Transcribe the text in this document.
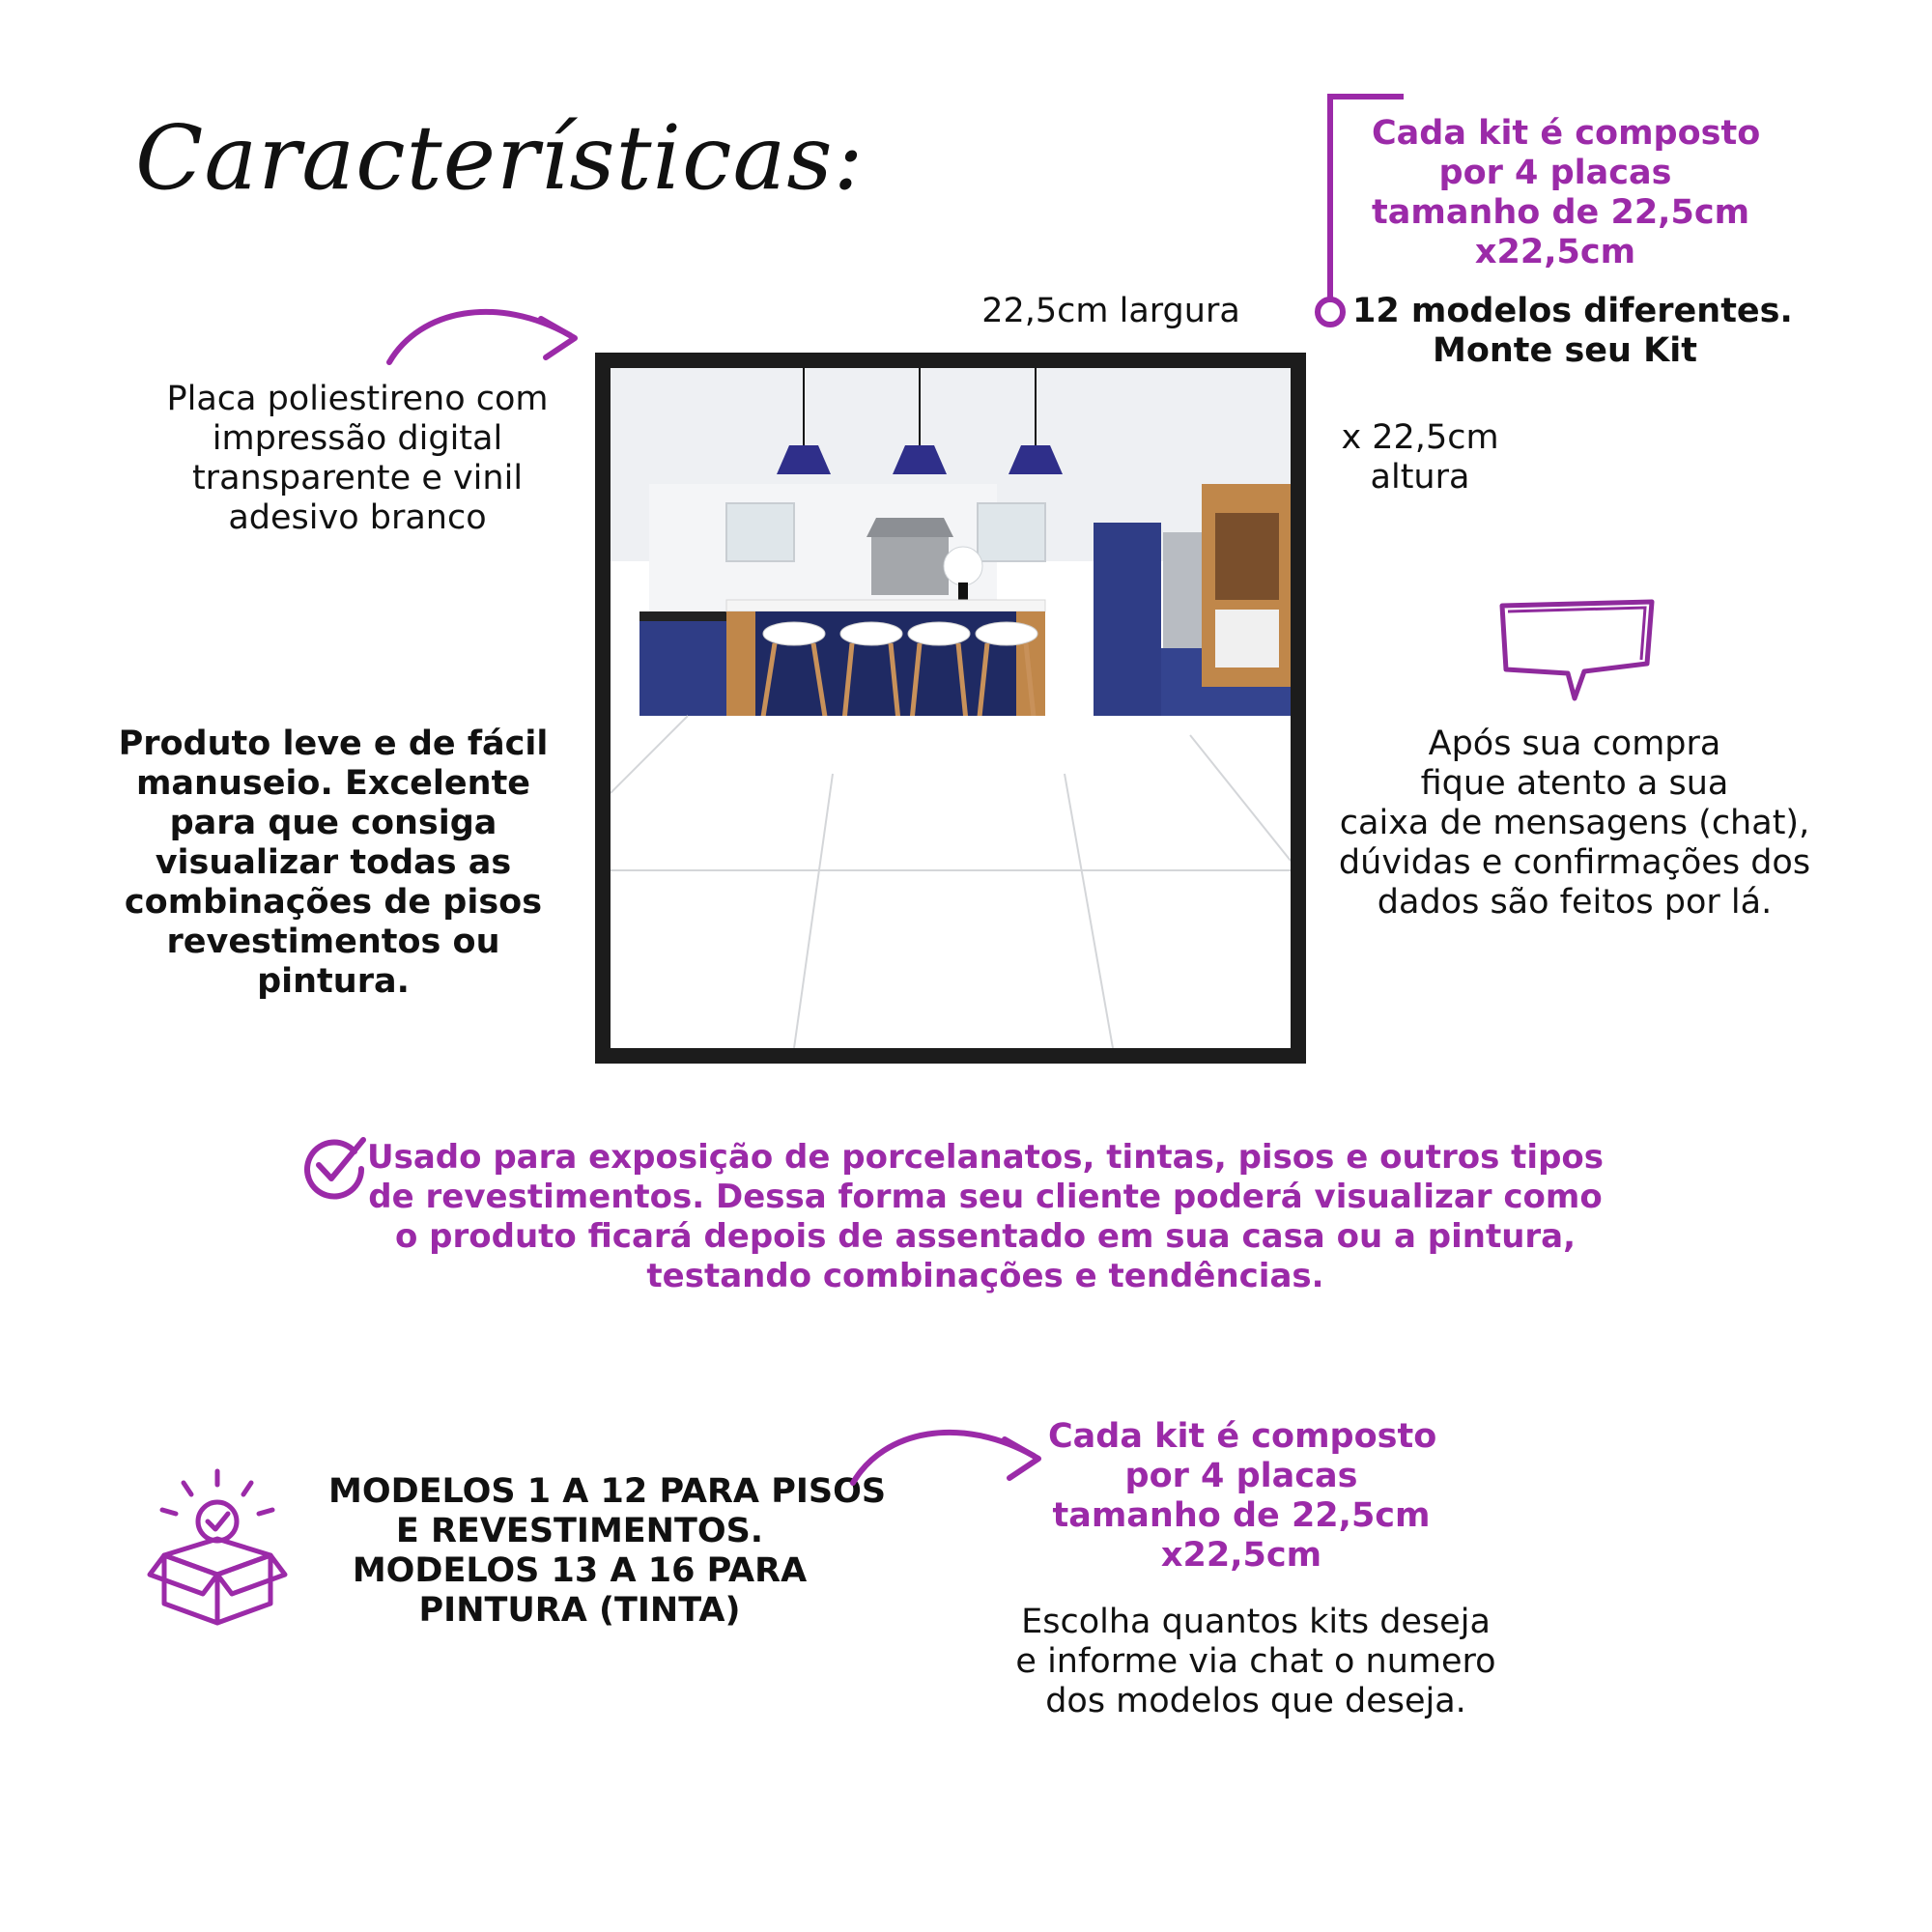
Características:	Cada kit é composto
por 4 placas
tamanho de 22,5cm
x22,5cm
12 modelos diferentes.
Monte seu Kit
22,5cm largura
x 22,5cm
altura
Placa poliestireno com
impressão digital
transparente e vinil
adesivo branco
Produto leve e de fácil
manuseio. Excelente
para que consiga
visualizar todas as
combinações de pisos
revestimentos ou
pintura.
Após sua compra
fique atento a sua
caixa de mensagens (chat),
dúvidas e confirmações dos
dados são feitos por lá.
Usado para exposição de porcelanatos, tintas, pisos e outros tipos
de revestimentos. Dessa forma seu cliente poderá visualizar como
o produto ficará depois de assentado em sua casa ou a pintura,
testando combinações e tendências.
MODELOS 1 A 12 PARA PISOS
E REVESTIMENTOS.
MODELOS 13 A 16 PARA
PINTURA (TINTA)
Cada kit é composto
por 4 placas
tamanho de 22,5cm
x22,5cm
Escolha quantos kits deseja
e informe via chat o numero
dos modelos que deseja.
